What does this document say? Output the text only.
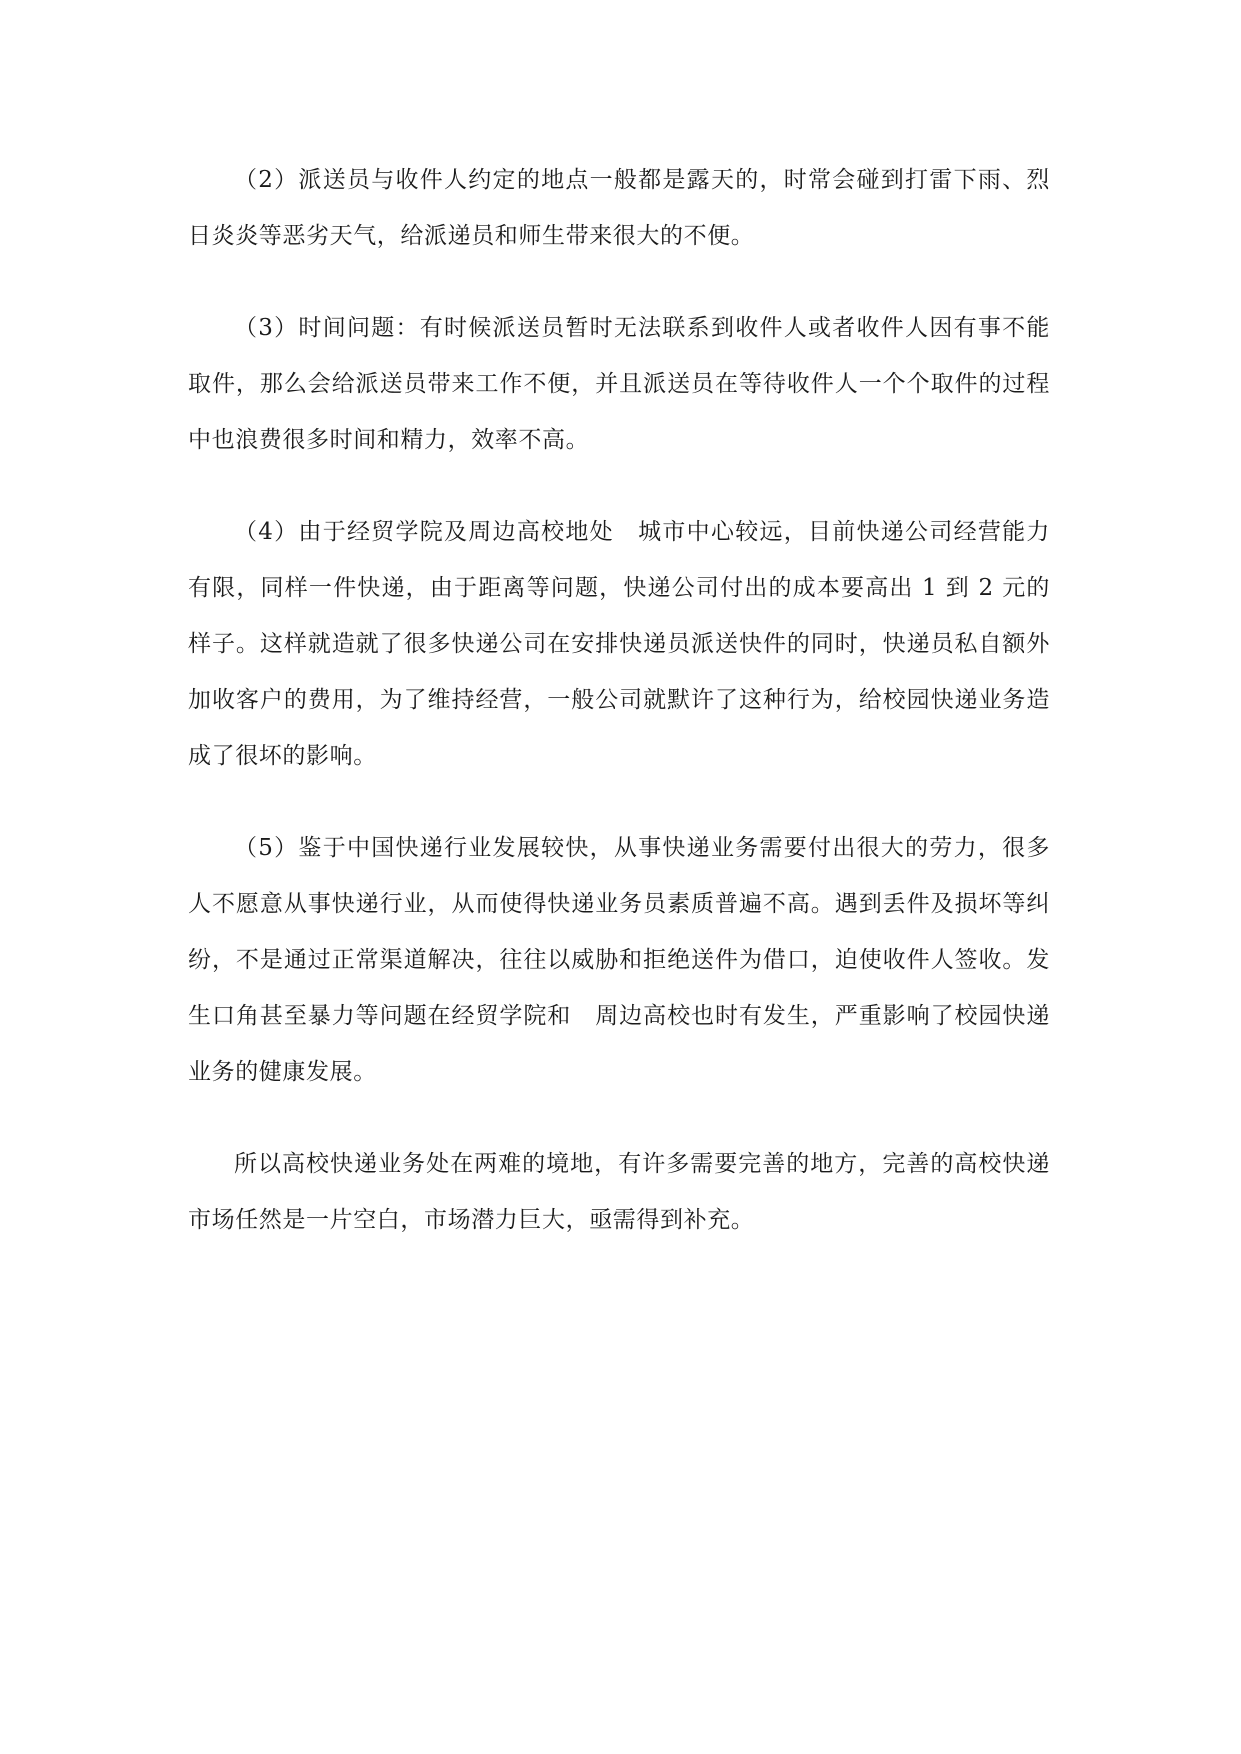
（2）派送员与收件人约定的地点一般都是露天的，时常会碰到打雷下雨、烈日炎炎等恶劣天气，给派递员和师生带来很大的不便。

（3）时间问题：有时候派送员暂时无法联系到收件人或者收件人因有事不能取件，那么会给派送员带来工作不便，并且派送员在等待收件人一个个取件的过程中也浪费很多时间和精力，效率不高。

（4）由于经贸学院及周边高校地处　城市中心较远，目前快递公司经营能力有限，同样一件快递，由于距离等问题，快递公司付出的成本要高出 1 到 2 元的样子。这样就造就了很多快递公司在安排快递员派送快件的同时，快递员私自额外加收客户的费用，为了维持经营，一般公司就默许了这种行为，给校园快递业务造成了很坏的影响。

（5）鉴于中国快递行业发展较快，从事快递业务需要付出很大的劳力，很多人不愿意从事快递行业，从而使得快递业务员素质普遍不高。遇到丢件及损坏等纠纷，不是通过正常渠道解决，往往以威胁和拒绝送件为借口，迫使收件人签收。发生口角甚至暴力等问题在经贸学院和　周边高校也时有发生，严重影响了校园快递业务的健康发展。

所以高校快递业务处在两难的境地，有许多需要完善的地方，完善的高校快递市场任然是一片空白，市场潜力巨大，亟需得到补充。
